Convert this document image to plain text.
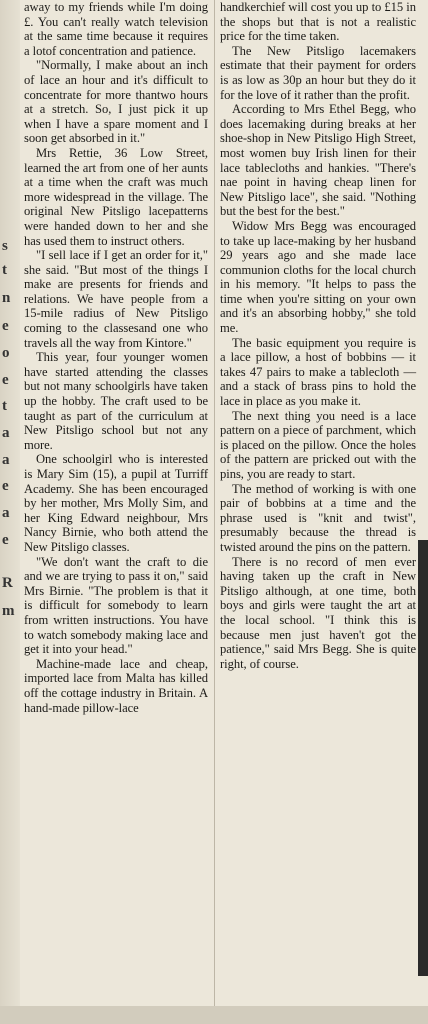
s
t
n
e
o
e
t
a
a
e
a
e
R
m

away to my friends while I'm doing £. You can't really watch television at the same time because it requires a lotof concentration and patience.

"Normally, I make about an inch of lace an hour and it's difficult to concentrate for more thantwo hours at a stretch. So, I just pick it up when I have a spare moment and I soon get absorbed in it."

Mrs Rettie, 36 Low Street, learned the art from one of her aunts at a time when the craft was much more widespread in the village. The original New Pitsligo lacepatterns were handed down to her and she has used them to instruct others.

"I sell lace if I get an order for it," she said. "But most of the things I make are presents for friends and relations. We have people from a 15-mile radius of New Pitsligo coming to the classesand one who travels all the way from Kintore."

This year, four younger women have started attending the classes but not many schoolgirls have taken up the hobby. The craft used to be taught as part of the curriculum at New Pitsligo school but not any more.

One schoolgirl who is interested is Mary Sim (15), a pupil at Turriff Academy. She has been encouraged by her mother, Mrs Molly Sim, and her King Edward neighbour, Mrs Nancy Birnie, who both attend the New Pitsligo classes.

"We don't want the craft to die and we are trying to pass it on," said Mrs Birnie. "The problem is that it is difficult for somebody to learn from written instructions. You have to watch somebody making lace and get it into your head."

Machine-made lace and cheap, imported lace from Malta has killed off the cottage industry in Britain. A hand-made pillow-lace

handkerchief will cost you up to £15 in the shops but that is not a realistic price for the time taken.

The New Pitsligo lacemakers estimate that their payment for orders is as low as 30p an hour but they do it for the love of it rather than the profit.

According to Mrs Ethel Begg, who does lacemaking during breaks at her shoe-shop in New Pitsligo High Street, most women buy Irish linen for their lace tablecloths and hankies. "There's nae point in having cheap linen for New Pitsligo lace", she said. "Nothing but the best for the best."

Widow Mrs Begg was encouraged to take up lace-making by her husband 29 years ago and she made lace communion cloths for the local church in his memory. "It helps to pass the time when you're sitting on your own and it's an absorbing hobby," she told me.

The basic equipment you require is a lace pillow, a host of bobbins — it takes 47 pairs to make a tablecloth — and a stack of brass pins to hold the lace in place as you make it.

The next thing you need is a lace pattern on a piece of parchment, which is placed on the pillow. Once the holes of the pattern are pricked out with the pins, you are ready to start.

The method of working is with one pair of bobbins at a time and the phrase used is "knit and twist", presumably because the thread is twisted around the pins on the pattern.

There is no record of men ever having taken up the craft in New Pitsligo although, at one time, both boys and girls were taught the art at the local school. "I think this is because men just haven't got the patience," said Mrs Begg. She is quite right, of course.
